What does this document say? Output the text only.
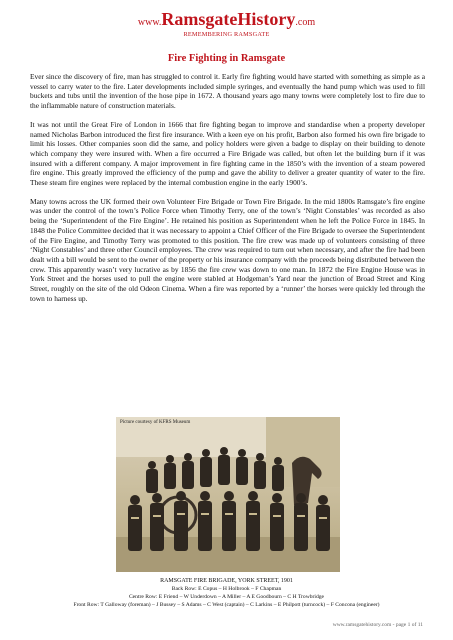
www.RamsgateHistory.com
REMEMBERING RAMSGATE
Fire Fighting in Ramsgate

Ever since the discovery of fire, man has struggled to control it. Early fire fighting would have started with something as simple as a vessel to carry water to the fire. Later developments included simple syringes, and eventually the hand pump which was used to fill buckets and tubs until the invention of the hose pipe in 1672. A thousand years ago many towns were completely lost to fire due to the inflammable nature of construction materials.

It was not until the Great Fire of London in 1666 that fire fighting began to improve and standardise when a property developer named Nicholas Barbon introduced the first fire insurance. With a keen eye on his profit, Barbon also formed his own fire brigade to limit his losses. Other companies soon did the same, and policy holders were given a badge to display on their building to denote which company they were insured with. When a fire occurred a Fire Brigade was called, but often let the building burn if it was insured with a different company. A major improvement in fire fighting came in the 1850’s with the invention of a steam powered fire engine. This greatly improved the efficiency of the pump and gave the ability to deliver a greater quantity of water to the fire. These steam fire engines were replaced by the internal combustion engine in the early 1900’s.

Many towns across the UK formed their own Volunteer Fire Brigade or Town Fire Brigade. In the mid 1800s Ramsgate’s fire engine was under the control of the town’s Police Force when Timothy Terry, one of the town’s ‘Night Constables’ was recorded as also being the ‘Superintendent of the Fire Engine’. He retained his position as Superintendent when he left the Police Force in 1845. In 1848 the Police Committee decided that it was necessary to appoint a Chief Officer of the Fire Brigade to oversee the Superintendent of the Fire Engine, and Timothy Terry was promoted to this position. The fire crew was made up of volunteers consisting of three ‘Night Constables’ and three other Council employees. The crew was required to turn out when necessary, and after the fire had been dealt with a bill would be sent to the owner of the property or his insurance company with the proceeds being distributed between the crew. This apparently wasn’t very lucrative as by 1856 the fire crew was down to one man. In 1872 the Fire Engine House was in York Street and the horses used to pull the engine were stabled at Hodgeman’s Yard near the junction of Broad Street and King Street, roughly on the site of the old Odeon Cinema. When a fire was reported by a ‘runner’ the horses were quickly led through the town to harness up.

Picture courtesy of KFRS Museum
RAMSGATE FIRE BRIGADE, YORK STREET, 1901
Back Row: E Copus – H Holbrook – F Chapman
Centre Row: E Friend – W Underdown – A Miller – A E Goodbourn – C H Trowbridge
Front Row: T Galloway (foreman) – J Bussey – S Adams – C West (captain) – C Larkins – E Philpott (turncock) – F Concona (engineer)
www.ramsgatehistory.com - page 1 of 11
